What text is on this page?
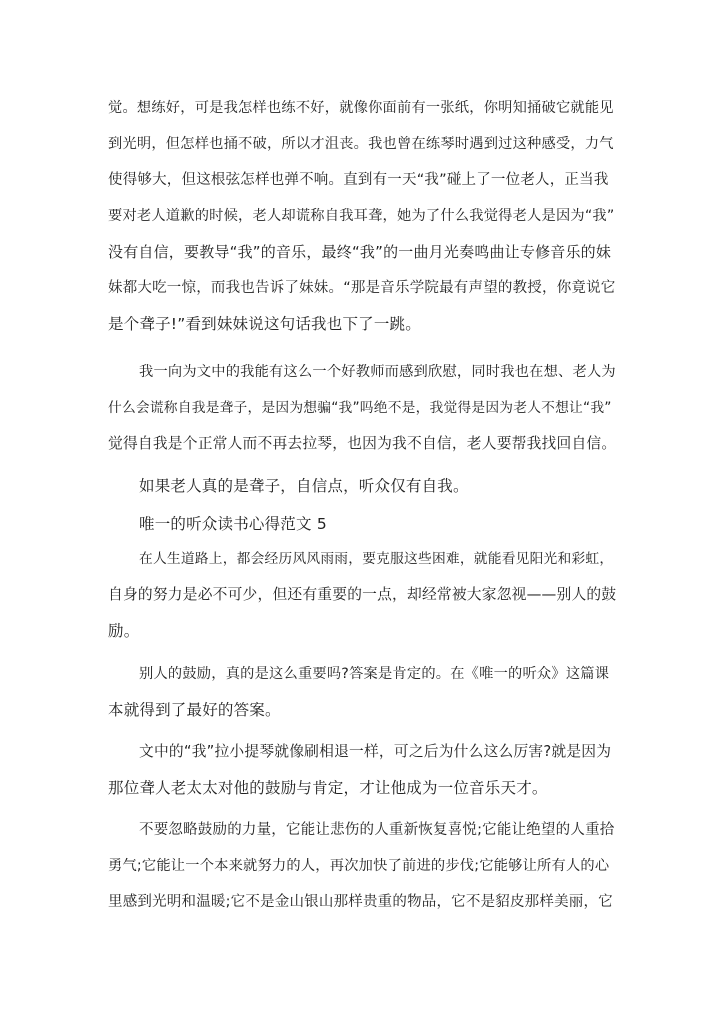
觉。想练好，可是我怎样也练不好，就像你面前有一张纸，你明知捅破它就能见
到光明，但怎样也捅不破，所以才沮丧。我也曾在练琴时遇到过这种感受，力气
使得够大，但这根弦怎样也弹不响。直到有一天“我”碰上了一位老人，正当我
要对老人道歉的时候，老人却谎称自我耳聋，她为了什么我觉得老人是因为“我”
没有自信，要教导“我”的音乐，最终“我”的一曲月光奏鸣曲让专修音乐的妹
妹都大吃一惊，而我也告诉了妹妹。“那是音乐学院最有声望的教授，你竟说它
是个聋子!”看到妹妹说这句话我也下了一跳。
我一向为文中的我能有这么一个好教师而感到欣慰，同时我也在想、老人为
什么会谎称自我是聋子，是因为想骗“我”吗绝不是，我觉得是因为老人不想让“我”
觉得自我是个正常人而不再去拉琴，也因为我不自信，老人要帮我找回自信。
如果老人真的是聋子，自信点，听众仅有自我。
唯一的听众读书心得范文 5
在人生道路上，都会经历风风雨雨，要克服这些困难，就能看见阳光和彩虹，
自身的努力是必不可少，但还有重要的一点，却经常被大家忽视——别人的鼓
励。
别人的鼓励，真的是这么重要吗?答案是肯定的。在《唯一的听众》这篇课
本就得到了最好的答案。
文中的“我”拉小提琴就像刷相退一样，可之后为什么这么厉害?就是因为
那位聋人老太太对他的鼓励与肯定，才让他成为一位音乐天才。
不要忽略鼓励的力量，它能让悲伤的人重新恢复喜悦;它能让绝望的人重拾
勇气;它能让一个本来就努力的人，再次加快了前进的步伐;它能够让所有人的心
里感到光明和温暖;它不是金山银山那样贵重的物品，它不是貂皮那样美丽，它
